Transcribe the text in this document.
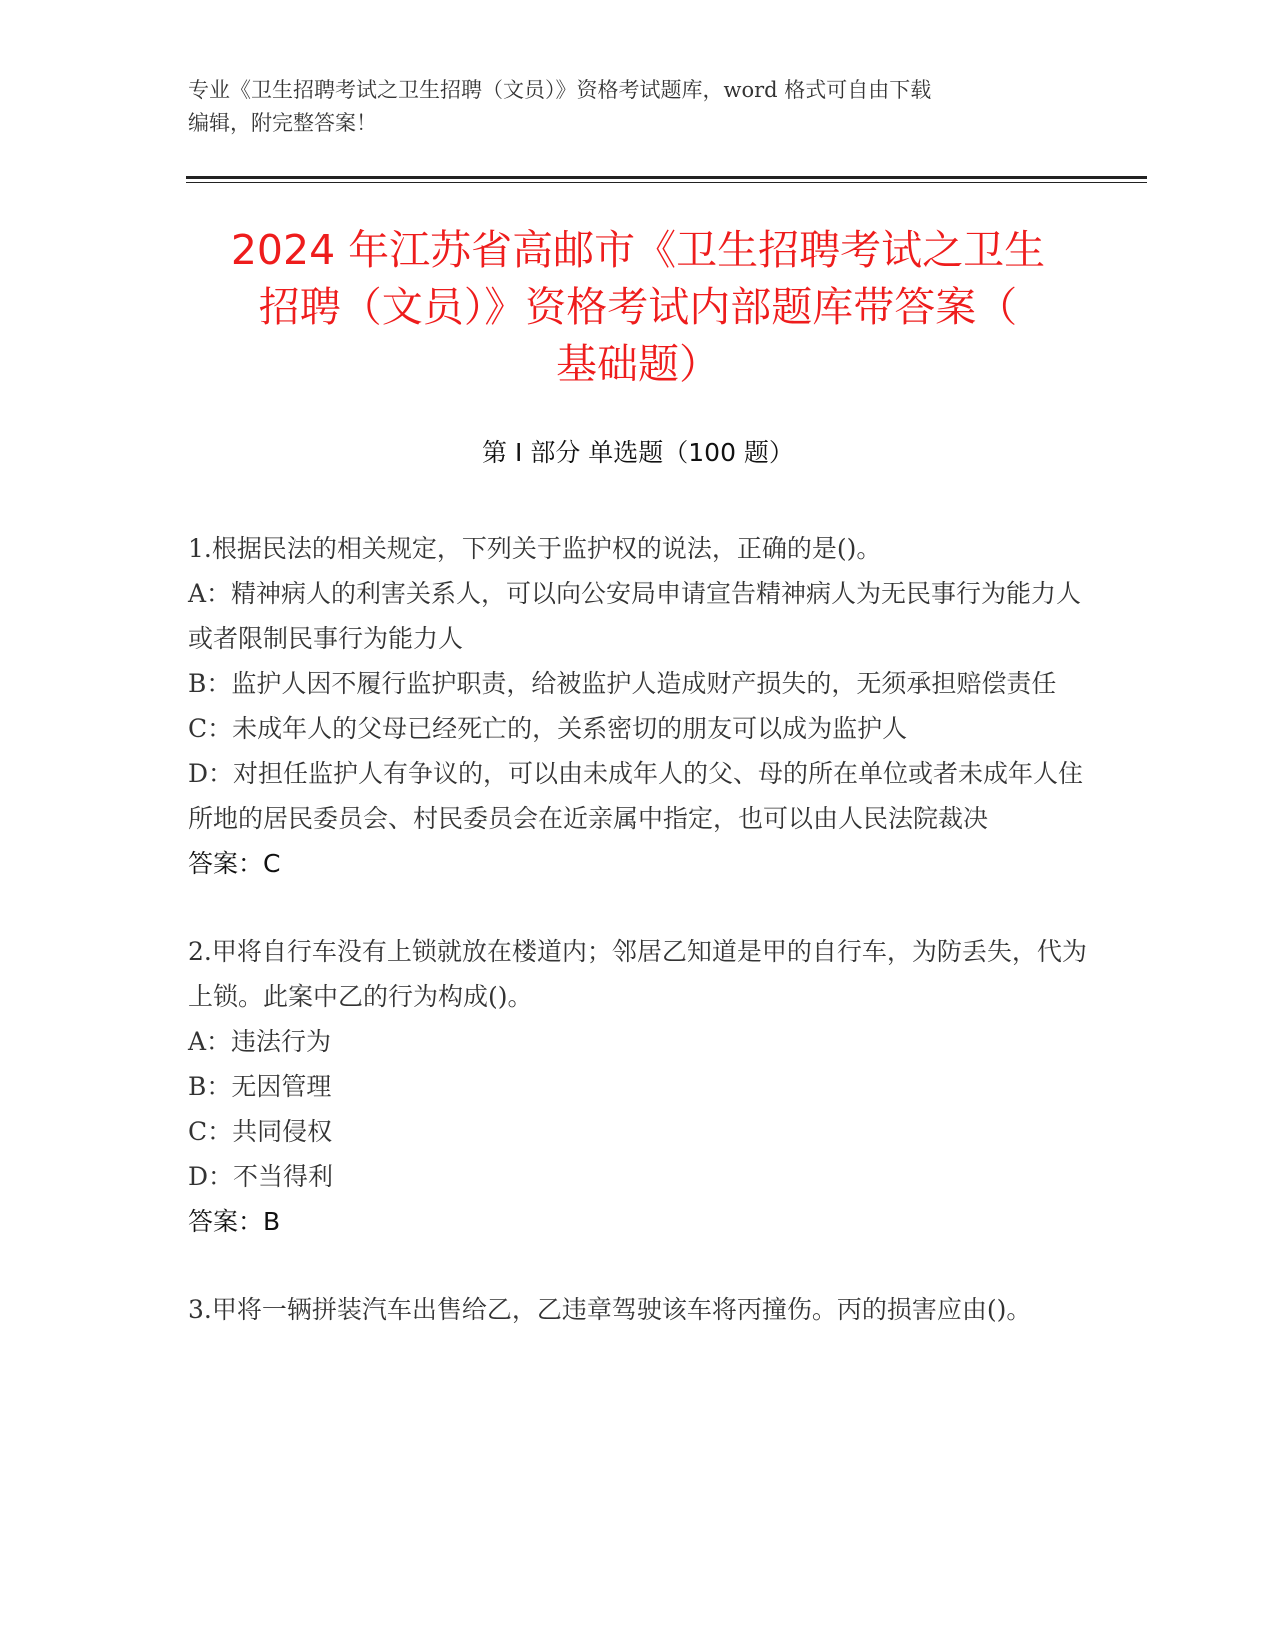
专业《卫生招聘考试之卫生招聘（文员）》资格考试题库，word 格式可自由下载
编辑，附完整答案！
2024 年江苏省高邮市《卫生招聘考试之卫生
招聘（文员）》资格考试内部题库带答案（
基础题）
第 I 部分 单选题（100 题）

1.根据民法的相关规定，下列关于监护权的说法，正确的是()。

A：精神病人的利害关系人，可以向公安局申请宣告精神病人为无民事行为能力人或者限制民事行为能力人

B：监护人因不履行监护职责，给被监护人造成财产损失的，无须承担赔偿责任

C：未成年人的父母已经死亡的，关系密切的朋友可以成为监护人

D：对担任监护人有争议的，可以由未成年人的父、母的所在单位或者未成年人住所地的居民委员会、村民委员会在近亲属中指定，也可以由人民法院裁决

答案：C

2.甲将自行车没有上锁就放在楼道内；邻居乙知道是甲的自行车，为防丢失，代为上锁。此案中乙的行为构成()。

A：违法行为

B：无因管理

C：共同侵权

D：不当得利

答案：B

3.甲将一辆拼装汽车出售给乙，乙违章驾驶该车将丙撞伤。丙的损害应由()。
